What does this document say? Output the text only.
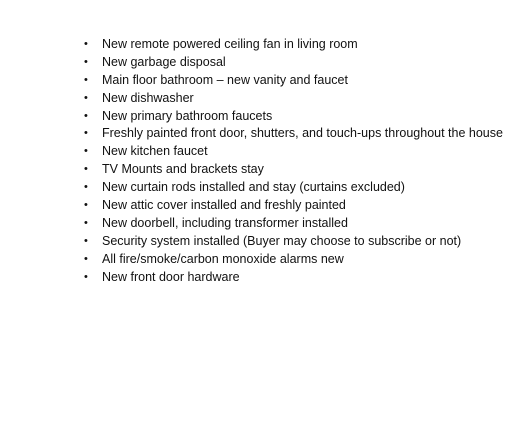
•	New remote powered ceiling fan in living room
•	New garbage disposal
•	Main floor bathroom – new vanity and faucet
•	New dishwasher
•	New primary bathroom faucets
•	Freshly painted front door, shutters, and touch-ups throughout the house
•	New kitchen faucet
•	TV Mounts and brackets stay
•	New curtain rods installed and stay (curtains excluded)
•	New attic cover installed and freshly painted
•	New doorbell, including transformer installed
•	Security system installed (Buyer may choose to subscribe or not)
•	All fire/smoke/carbon monoxide alarms new
•	New front door hardware
